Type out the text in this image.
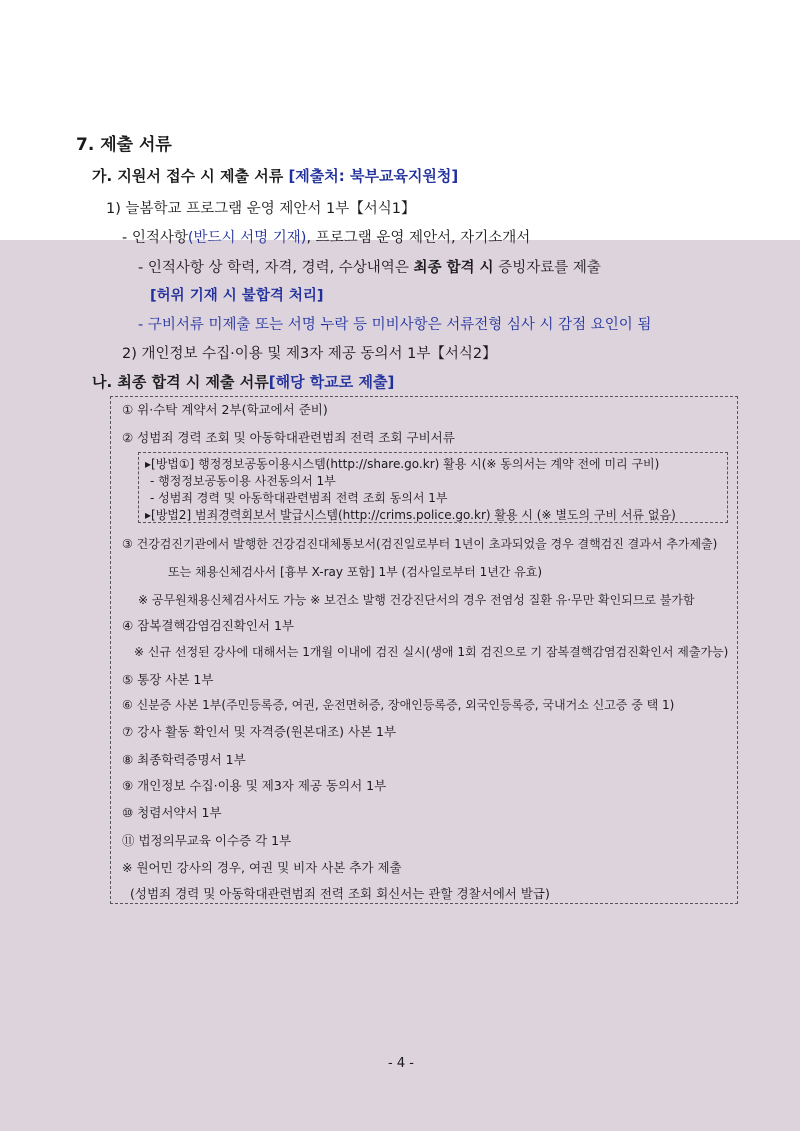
7. 제출 서류
가. 지원서 접수 시 제출 서류 [제출처: 북부교육지원청]
1) 늘봄학교 프로그램 운영 제안서 1부【서식1】
- 인적사항(반드시 서명 기재), 프로그램 운영 제안서, 자기소개서
- 인적사항 상 학력, 자격, 경력, 수상내역은 최종 합격 시 증빙자료를 제출
[허위 기재 시 불합격 처리]
- 구비서류 미제출 또는 서명 누락 등 미비사항은 서류전형 심사 시 감점 요인이 됨
2) 개인정보 수집·이용 및 제3자 제공 동의서 1부【서식2】
나. 최종 합격 시 제출 서류[해당 학교로 제출]
① 위·수탁 계약서 2부(학교에서 준비)
② 성범죄 경력 조회 및 아동학대관련범죄 전력 조회 구비서류
▸[방법①] 행정정보공동이용시스템(http://share.go.kr) 활용 시(※ 동의서는 계약 전에 미리 구비)
- 행정정보공동이용 사전동의서 1부
- 성범죄 경력 및 아동학대관련범죄 전력 조회 동의서 1부
▸[방법2] 범죄경력회보서 발급시스템(http://crims.police.go.kr) 활용 시 (※ 별도의 구비 서류 없음)
③ 건강검진기관에서 발행한 건강검진대체통보서(검진일로부터 1년이 초과되었을 경우 결핵검진 결과서 추가제출)
또는 채용신체검사서 [흉부 X-ray 포함] 1부 (검사일로부터 1년간 유효)
※ 공무원채용신체검사서도 가능 ※ 보건소 발행 건강진단서의 경우 전염성 질환 유·무만 확인되므로 불가함
④ 잠복결핵감염검진확인서 1부
※ 신규 선정된 강사에 대해서는 1개월 이내에 검진 실시(생애 1회 검진으로 기 잠복결핵감염검진확인서 제출가능)
⑤ 통장 사본 1부
⑥ 신분증 사본 1부(주민등록증, 여권, 운전면허증, 장애인등록증, 외국인등록증, 국내거소 신고증 중 택 1)
⑦ 강사 활동 확인서 및 자격증(원본대조) 사본 1부
⑧ 최종학력증명서 1부
⑨ 개인정보 수집·이용 및 제3자 제공 동의서 1부
⑩ 청렴서약서 1부
⑪ 법정의무교육 이수증 각 1부
※ 원어민 강사의 경우, 여권 및 비자 사본 추가 제출
(성범죄 경력 및 아동학대관련범죄 전력 조회 회신서는 관할 경찰서에서 발급)
- 4 -
